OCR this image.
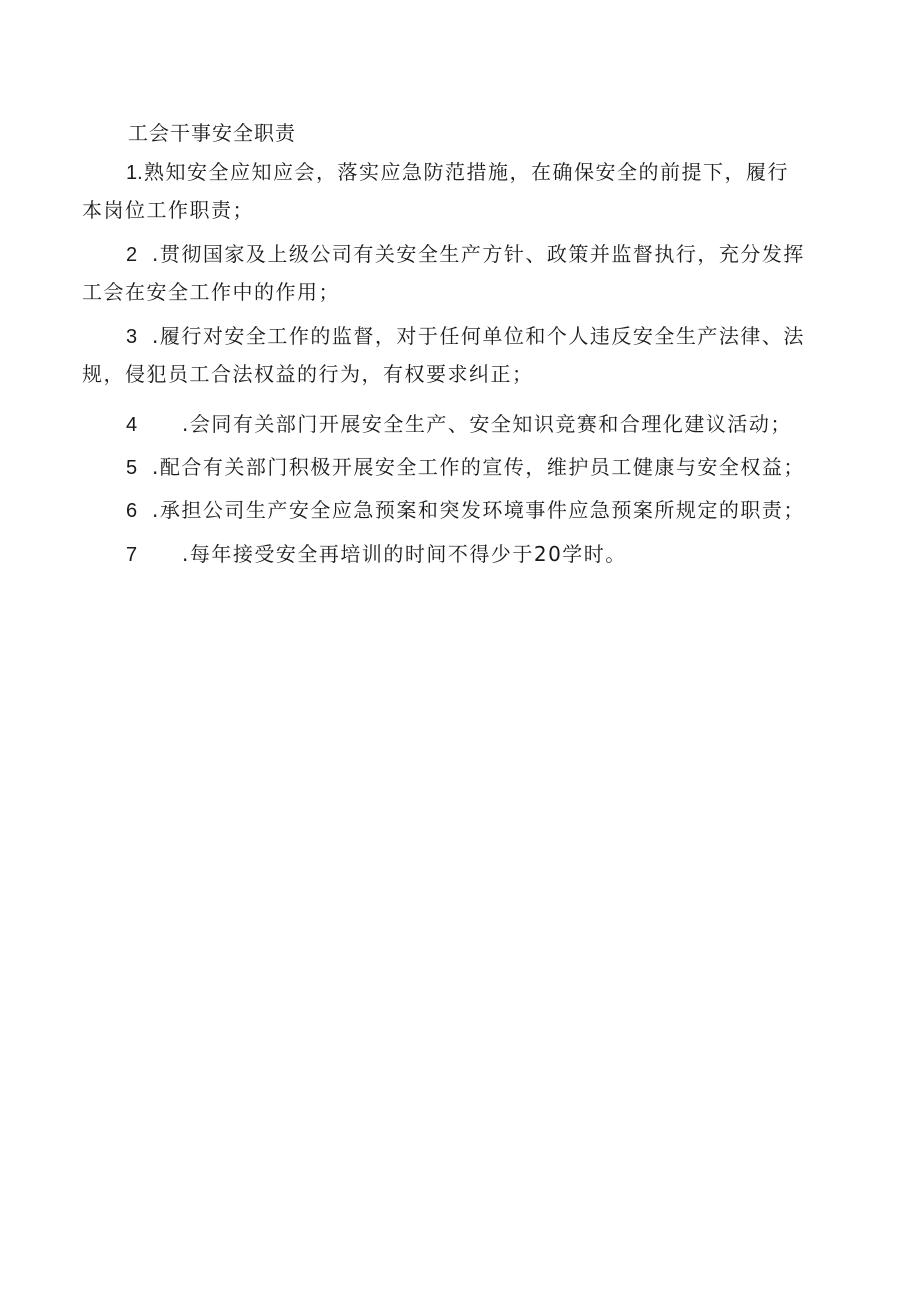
工会干事安全职责
1.熟知安全应知应会，落实应急防范措施，在确保安全的前提下，履行
本岗位工作职责；
2 .贯彻国家及上级公司有关安全生产方针、政策并监督执行，充分发挥
工会在安全工作中的作用；
3 .履行对安全工作的监督，对于任何单位和个人违反安全生产法律、法
规，侵犯员工合法权益的行为，有权要求纠正；
4 .会同有关部门开展安全生产、安全知识竞赛和合理化建议活动；
5 .配合有关部门积极开展安全工作的宣传，维护员工健康与安全权益；
6 .承担公司生产安全应急预案和突发环境事件应急预案所规定的职责；
7 .每年接受安全再培训的时间不得少于20学时。
